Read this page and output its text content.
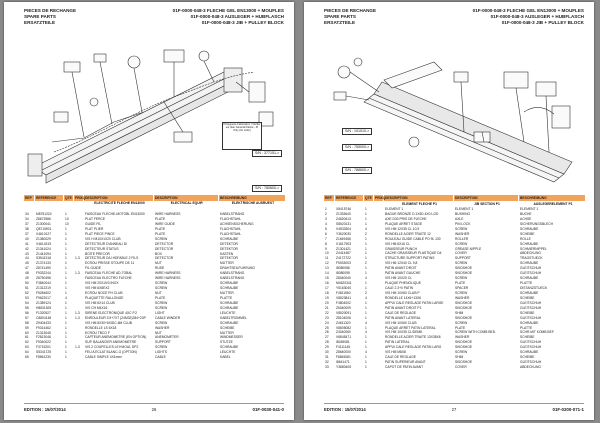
PIECES DE RECHANGE
SPARE PARTS
ERSATZTEILE
01F-0000-048-3 FLECHE GEL EN13000 + MOUFLES
01F-0000-048-3 AUSLEGER + HUBFLASCH
01F-0000-048-3 JIB + PULLEY BLOCK
Pictograme Fabrication / Vérifier sur plan Général Flèche - PI Only (for order)
S/N : 377151->
S/N : 780600->
REP	REFERENCE	QTE PRIXQ DESCRIPTION	DESCRIPTION	BESCHREIBUNG
ELECTRICITE FLECHE EN13000	ELECTRICAL EQUIP.	ELEKTRISCHE AUSRUEST
34	M8751224	1	FAISCEAU FLECHE-MOTOBL EN13000	WIRE HARNESS	KABELSTRANG
34	Z8673986	10	PLAT FERCE	PLATE	FLACHSTAHL
37	Z1300041	10	GUIDE FIL	WIRE GUIDE	ACHSENSICHERUNG
38	Q8715901	1	PLAT PLIER	PLATE	FLACHSTAHL
37	V4610127	1	PLAT PIECE PINCE	PLATE	FLACHSTAHL
40	Z1380029	1	VIS H M10X1X20 CLUB	SCREW	SCHRAUBE
41	V4614319	1	DETECTEUR D'ANNEAU DI	DETECTOR	DETEKTOR
42	Z1341024	1	DETECTEUR STATUS	DETECTOR	DETEKTOR
43	Z1441094	1	BOITE PRECOR	BOX	KASTEN
44	S3541316	1	1-3	DETECTEUR D/U HDFABLE 2 FILS	DETECTOR	DETEKTOR
45	Z1374133	1	ECROU PRISSE STOUPE DE 11	NUT	MUTTER
47	Z8741490	1	FIL GUIDE	RUSE	DRAHTSEILFUHRUNG
48	F9332244	1	1-3	FAISCEAU FLECHE AD-TOBAL	WIRE HARNESS	KABELSTRANG
49	Z8750496	1	FAISCEAU ELECTRO FLECHE	WIRE HARNESS	KABELSTRANG
50	F3840044	1	VIS HM 20X10/3 INOX	SCREW	SCHRAUBE
51	Z1312219	1	VIS HM 6X8EX2	SCREW	SCHRAUBE
52	F5284602	1	ECROU NOCE PH CLUB	NUT	MUTTER
53	F9622017	4	PLAQUETTE RALLONGE	PLATE	PLATTE
54	Z1389124	1	VIS HM 6X14 CLUB	SCREW	SCHRAUBE
55	H8831529	1	VIS CH M4X16	SCREW	SCHRAUBE
56	F1320527	1	1-3	SIRENE ELECTRONIQUE 4XC P.2	LIGHT	LEUCHTE
57	C8804148	1	1-3	ENROULEUR 3.9+7XT (Z4M32)284+23P	CABLE WINDER	KABELTROMMEL
58	Z9404433	1	VIS HM 8X30+6XIDC-6M CLUB	SCREW	SCHRAUBE
59	F9314462	1	RONDELLE LS 6X18	WASHER	SCHEIBE
60	Z1313045	1	ECROU TBCO F	NUT	MUTTER
61	F2813046	1	CAPTEUR ANEMOMETRE (EN OPTION)	ANEMOMETER	WINDMESSER
62	F9340022	1	SUP. BALANCIER ANEMOMETRE	SUPPORT	STUTZE
63	F3715201	1	1-3	VIS 2 COUPELLES LEI+MOUL DP2	SCREW	SCHRAUBE
64	S5341725	1	FEU A ECLAT BLANC-G (OPTION)	LIGHTS	LEUCHTE
65	F8561230	1	CABLE SIMPLE 4X1mm²	CABLE	KABEL
EDITION : 15/07/2014	26	01F-0030-041-0
PIECES DE RECHANGE
SPARE PARTS
ERSATZTEILE
01F-0000-048-3 FLECHE GEL EN13000 + MOUFLES
01F-0000-048-3 AUSLEGER + HUBFLASCH
01F-0000-048-3 JIB + PULLEY BLOCK
S/N : 101010->
S/N : 755000->
S/N : 788600->
REP	REFERENCE	QTE PRIXQ DESCRIPTION	DESCRIPTION	BESCHREIBUNG
ELEMENT FLECHE P1	JIB SECTION P1	AUSLEGERELEMENT P1
1	X8415746	1	ELEMENT 1	ELEMENT 1	ELEMENT 1
2	Z1333640	1	BAGUE BRONZE D.1X5D.4X0 L/2D	BUSHING	BUCHE
3	Z4620613	1	AXE D30 PRIS DE FLECHE	AXLE	ACHSE
4	S8520131	1	PLAQUE ARRET STAGE	PIN LOCK	SICHERUNGSBLECH
5	V4533304	4	VIS HM 12X35 CL 10,9	SCREW	SCHRAUBE
6	Y3620030	2	RONDELLE ACIER TRAITE 12	WASHER	SCHEIBE
7	Z1649456	1	ROULEAU GUIDE CABLE PO 9L 130	ROLLER	ROLLE
8	V1617903	1	VIS HM 6X16 CL	SCREW	SCHRAUBE
9	Z1301421	1	GRAISSEUR PUNCH	GREASE NIPPLE	SCHMIERNIPPEL
10	Z4414487	1	CACHE GRAISSEUR PLASTIQUE D4	COVER	ABDECKUNG
11	Z4172722	1	STRUCTURE SUPPORT PATINS	SUPPORT	TRAGSTUECK
12	F5033003	2	VIS HM 12X40 CL 9,8	SCREW	SCHRAUBE
13	I8080086	1	PATIN AVANT DROIT	SKIDSHOE	GLEITSCHUH
14	I8080095	1	PATIN AVANT GAUCHE	SKIDSHOE	GLEITSCHUH
15	Z8040040	4	VIS HM 10X20 CL	SCREW	SCHRAUBE
16	M4620341	1	PLAQUE PHENOLIQUE	PLATE	PLATTE
17	Y5163040	1	CALE 2.3+0 PATIN	SPACER	DISTANZSTUECK
18	F4811560	2	VIS HM 10X60 CLUB P	SCREW	SCHRAUBE
19	V8823841	4	RONDELLE 14X6+13X6	WASHER	SCHEIBE
20	F4804002	1	APPUI CALE REGLAGE PATIN LARGE	SKIDSHOE	GLEITSCHUH
21	Z6040009	1	PATIN AVANT DROIT P1	SKIDSHOE	GLEITSCHUH
22	V8520091	1	CALE DE REGLAGE	SHIM	SCHEIBE
23	Z8104006	1	PATIN AVANT LATERAL	SKIDSHOE	GLEITSCHUH
24	Z4611320	4	VIS HM 10X60 CLUB	SCREW	SCHRAUBE
25	V8805082	1	PLAQUE ARRET PATIN LATERAL	PLATE	PLATTE
26	Z4040060	4	VIS HM 10X35 CL/DEM8	SCREW WITH COMB BED.	SCHR.MIT KOMB.BEF.
27	V6845471	1	RONDELLE ACIER TRAITE 13X38X6	WASHER	SCHEIBE
28	I8045081	1	PATIN LATERAL	SKIDSHOE	GLEITSCHUH
29	F4111145	1	APPUI CALE REGLAGE PATIN LARG	SKIDSHOE	GLEITSCHUH
30	Z8640000	4	VIS HM M8X8	SCREW	SCHRAUBE
31	F8845081	1	CALE DE REGLAGE	SHIM	SCHEIBE
32	I8641471	1	PATIN SUPERIEUR AVANT	SKIDSHOE	GLEITSCHUH
33	Y3880405	1	CAPOT DE PATIN AVANT	COVER	ABDECKUNG
EDITION : 15/07/2014	27	01F-0200-071-1
